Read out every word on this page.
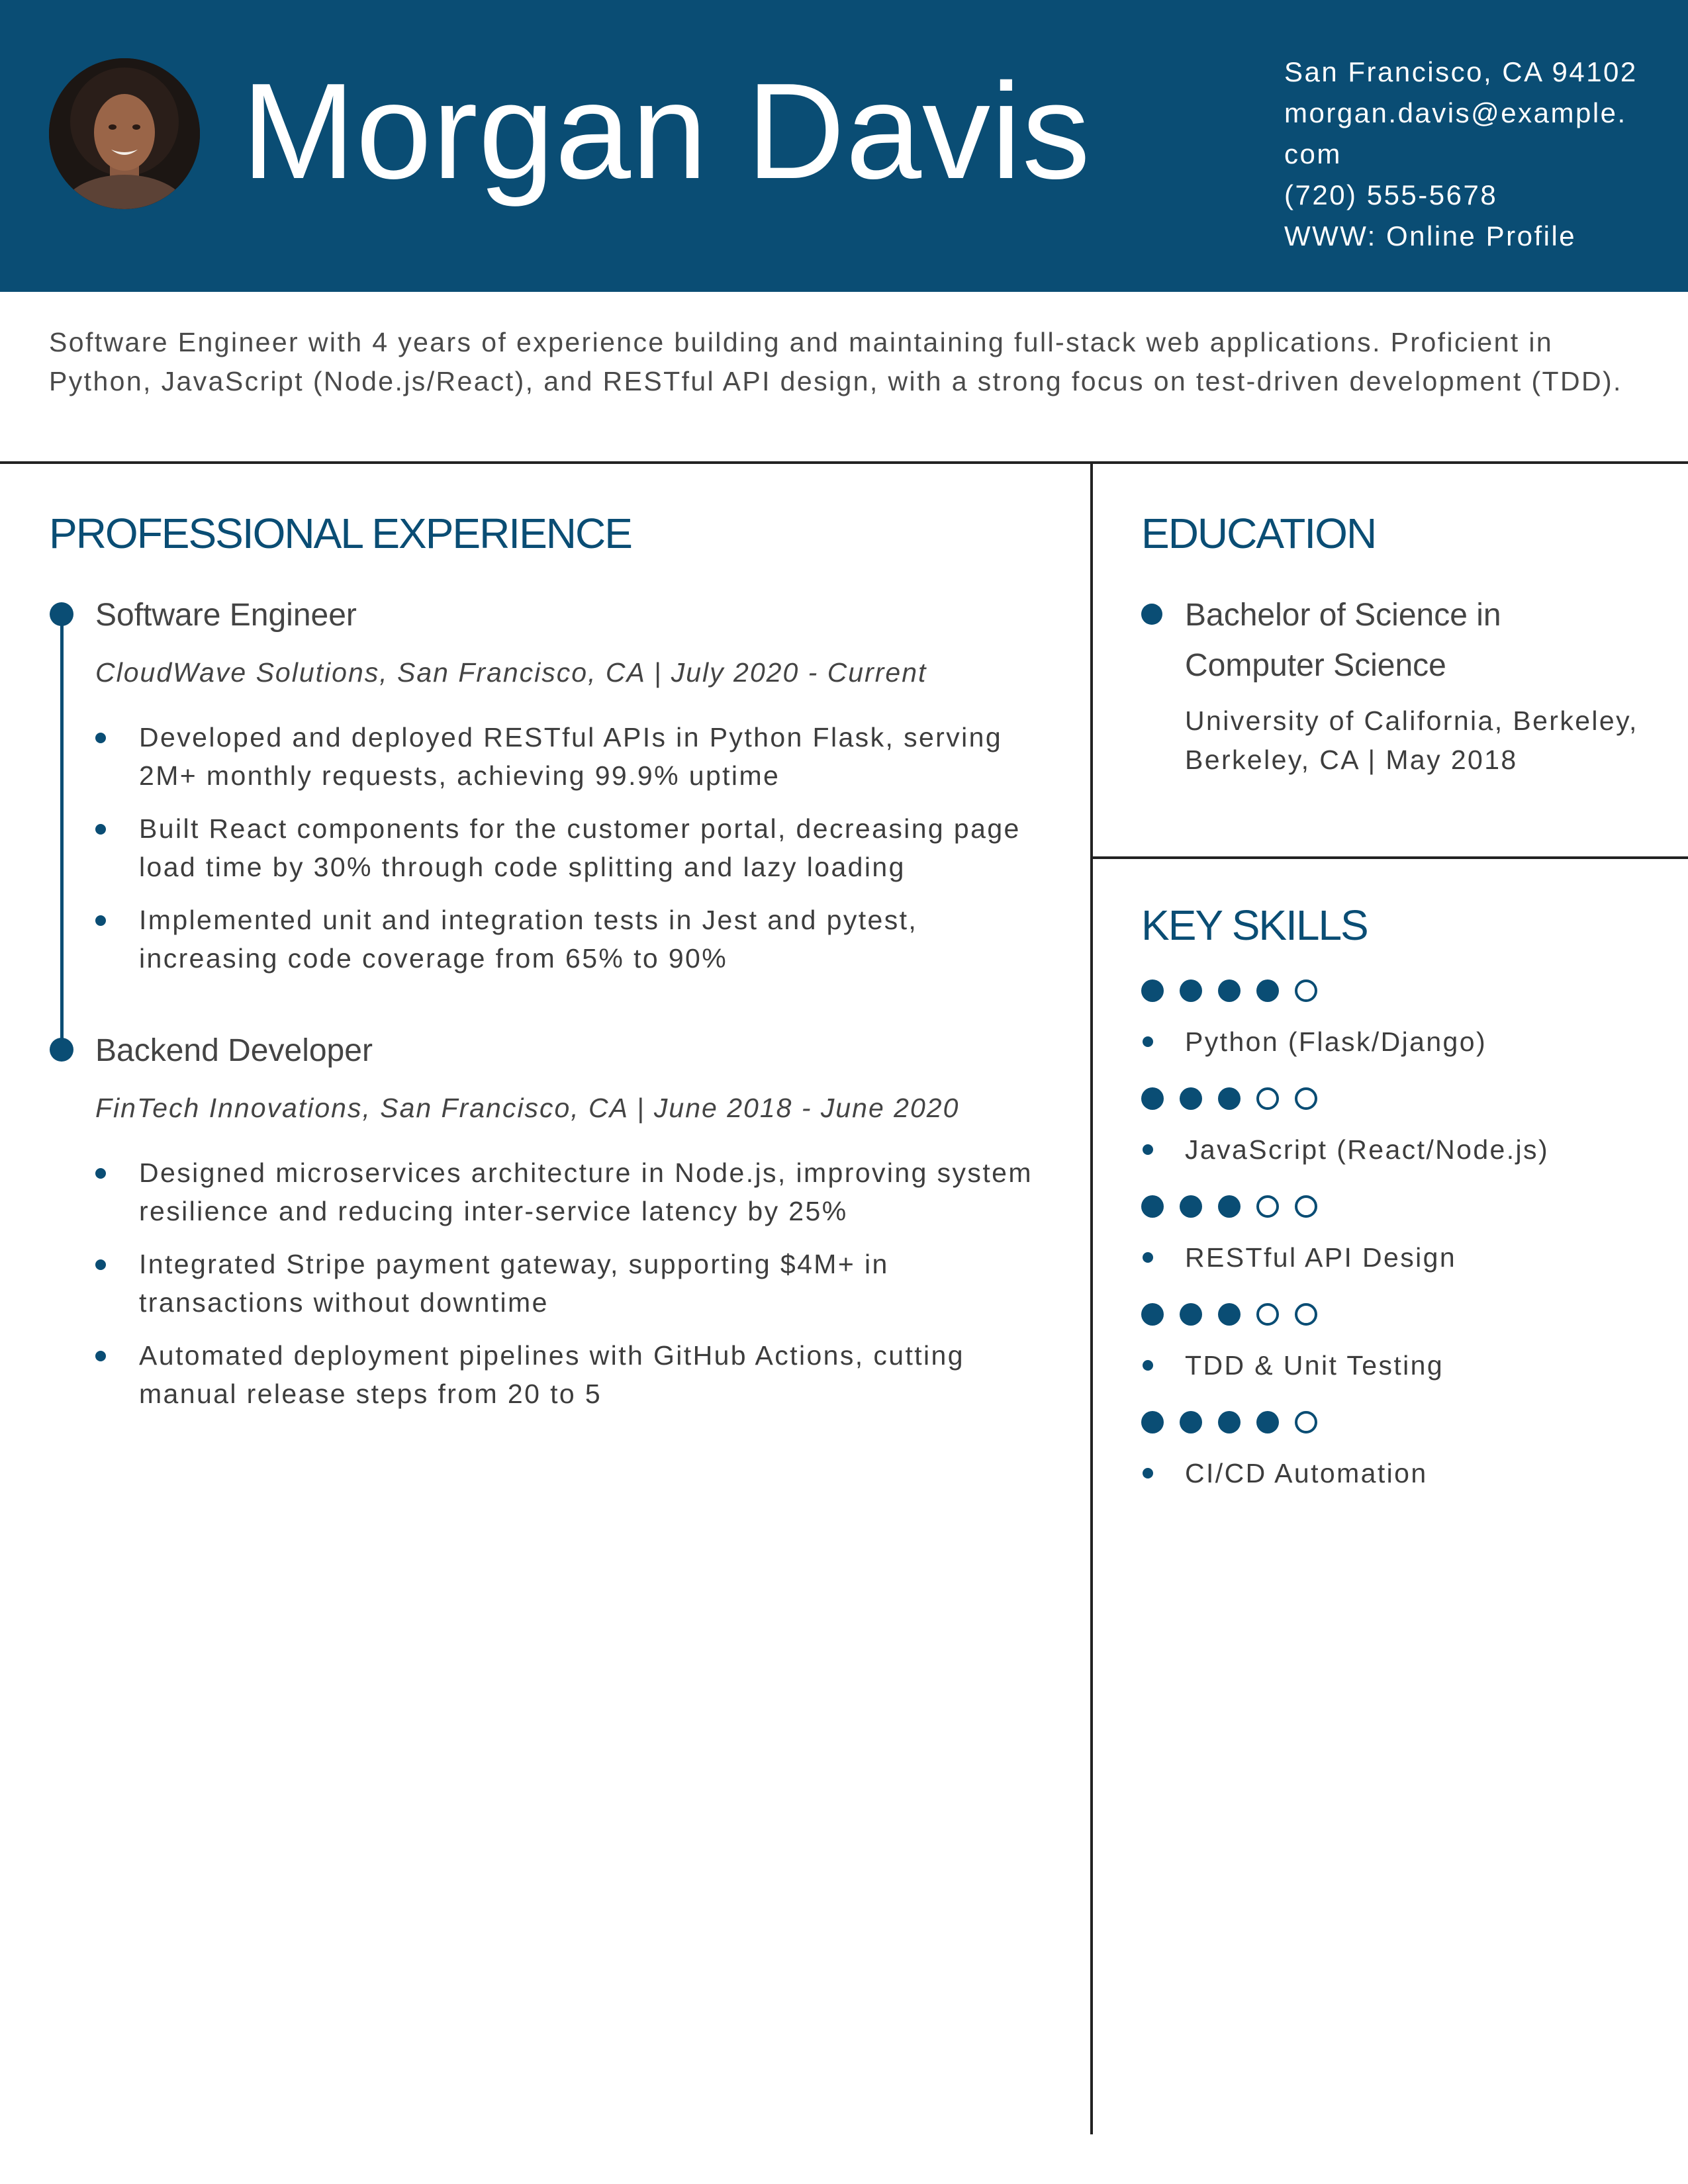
Morgan Davis	San Francisco, CA 94102
morgan.davis@example.
com
(720) 555-5678
WWW: Online Profile
Software Engineer with 4 years of experience building and maintaining full-stack web applications. Proficient in Python, JavaScript (Node.js/React), and RESTful API design, with a strong focus on test-driven development (TDD).
PROFESSIONAL EXPERIENCE
Software Engineer
CloudWave Solutions, San Francisco, CA | July 2020 - Current
Developed and deployed RESTful APIs in Python Flask, serving 2M+ monthly requests, achieving 99.9% uptime
Built React components for the customer portal, decreasing page load time by 30% through code splitting and lazy loading
Implemented unit and integration tests in Jest and pytest, increasing code coverage from 65% to 90%
Backend Developer
FinTech Innovations, San Francisco, CA | June 2018 - June 2020
Designed microservices architecture in Node.js, improving system resilience and reducing inter-service latency by 25%
Integrated Stripe payment gateway, supporting $4M+ in transactions without downtime
Automated deployment pipelines with GitHub Actions, cutting manual release steps from 20 to 5
EDUCATION
Bachelor of Science in Computer Science
University of California, Berkeley, Berkeley, CA | May 2018
KEY SKILLS
Python (Flask/Django)
JavaScript (React/Node.js)
RESTful API Design
TDD & Unit Testing
CI/CD Automation
